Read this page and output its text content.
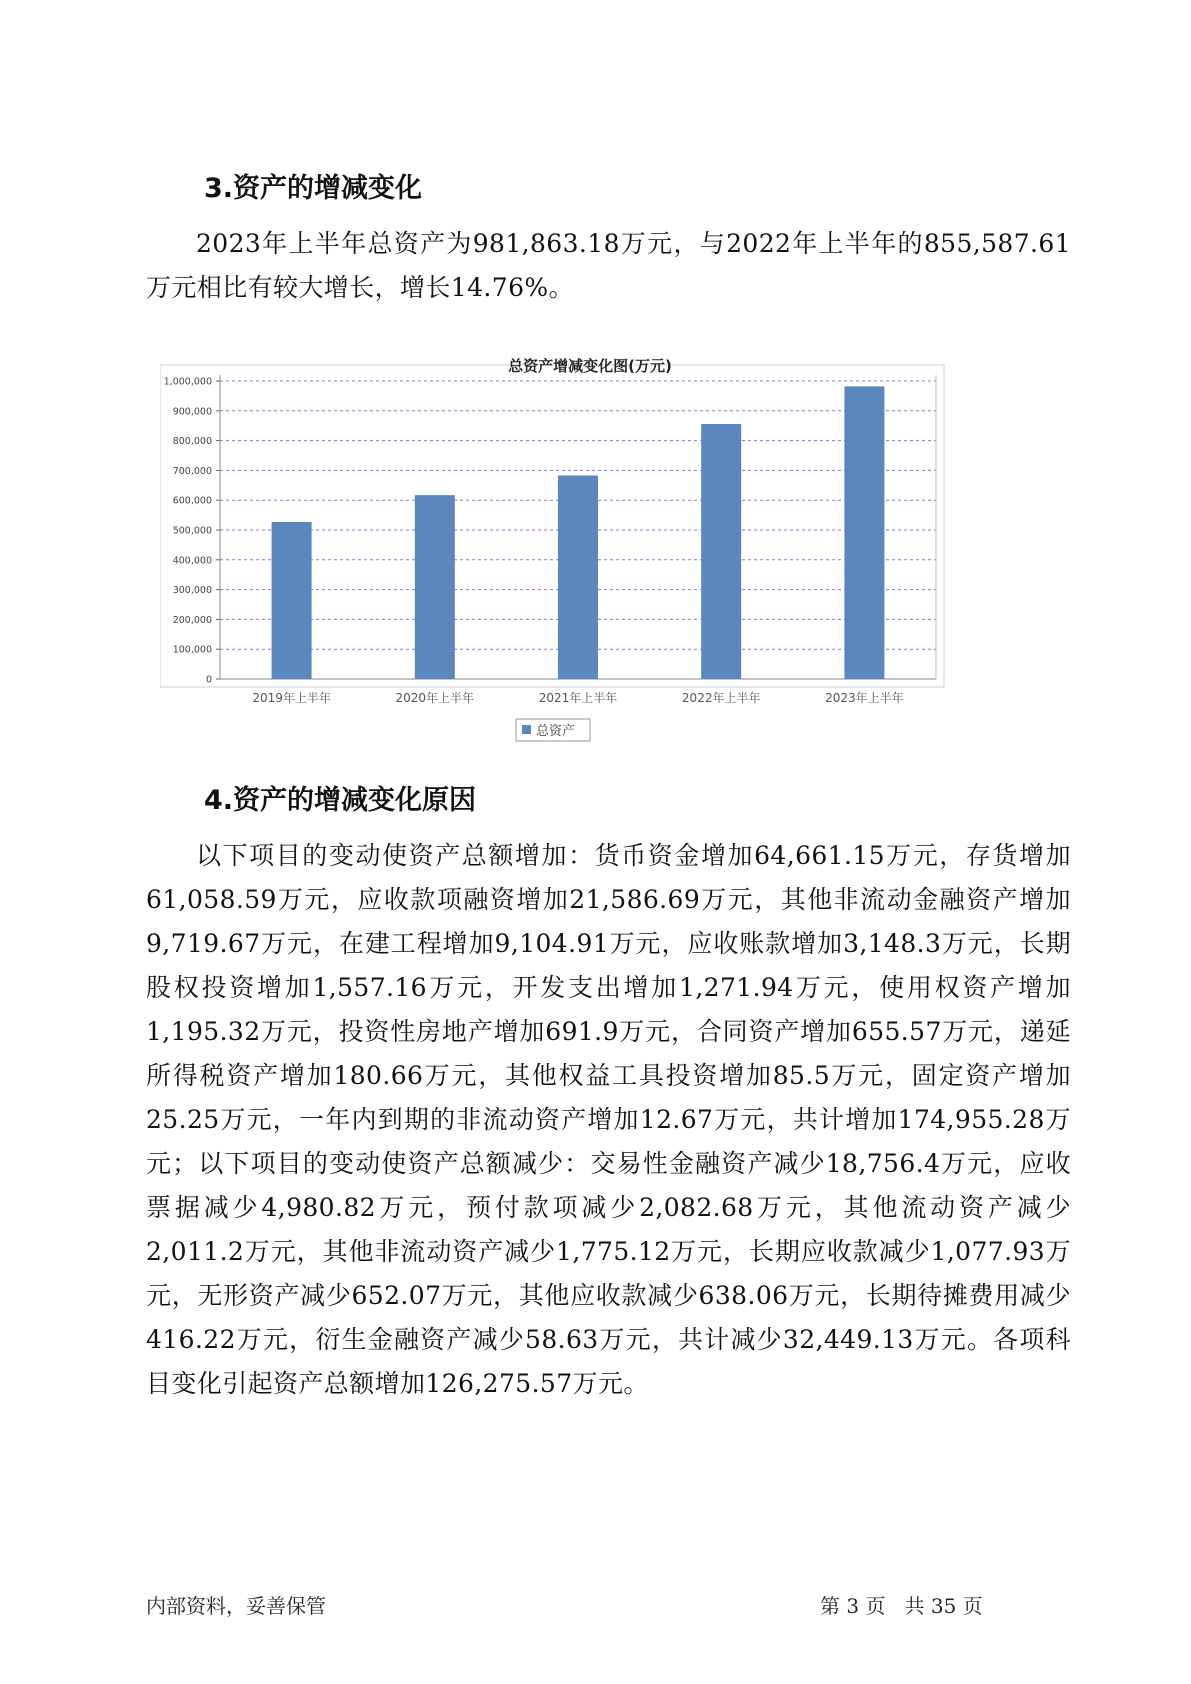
3.资产的增减变化

2023年上半年总资产为981,863.18万元，与2022年上半年的855,587.61万元相比有较大增长，增长14.76%。

0
100,000
200,000
300,000
400,000
500,000
600,000
700,000
800,000
900,000
1,000,000
2019年上半年	2020年上半年	2021年上半年	2022年上半年	2023年上半年
总资产
总资产增减变化图(万元)
4.资产的增减变化原因

以下项目的变动使资产总额增加：货币资金增加64,661.15万元，存货增加61,058.59万元，应收款项融资增加21,586.69万元，其他非流动金融资产增加9,719.67万元，在建工程增加9,104.91万元，应收账款增加3,148.3万元，长期股权投资增加1,557.16万元，开发支出增加1,271.94万元，使用权资产增加1,195.32万元，投资性房地产增加691.9万元，合同资产增加655.57万元，递延所得税资产增加180.66万元，其他权益工具投资增加85.5万元，固定资产增加25.25万元，一年内到期的非流动资产增加12.67万元，共计增加174,955.28万元；以下项目的变动使资产总额减少：交易性金融资产减少18,756.4万元，应收票据减少4,980.82万元，预付款项减少2,082.68万元，其他流动资产减少2,011.2万元，其他非流动资产减少1,775.12万元，长期应收款减少1,077.93万元，无形资产减少652.07万元，其他应收款减少638.06万元，长期待摊费用减少416.22万元，衍生金融资产减少58.63万元，共计减少32,449.13万元。各项科目变化引起资产总额增加126,275.57万元。

内部资料，妥善保管	第 3 页   共 35 页
